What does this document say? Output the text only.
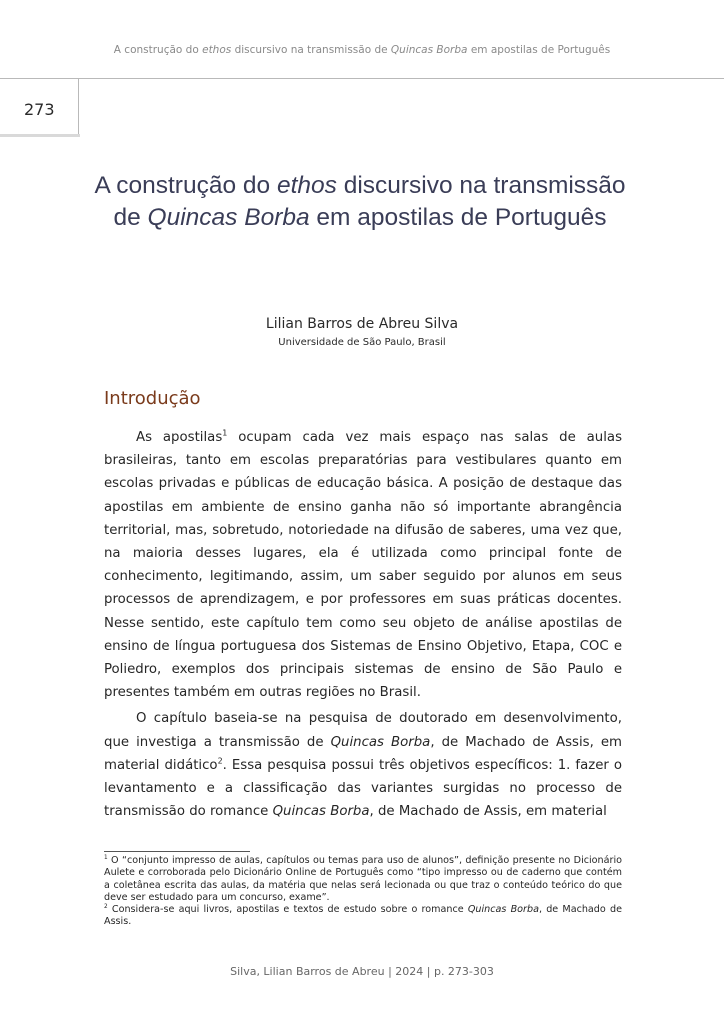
A construção do ethos discursivo na transmissão de Quincas Borba em apostilas de Português
273
A construção do ethos discursivo na transmissão de Quincas Borba em apostilas de Português
Lilian Barros de Abreu Silva
Universidade de São Paulo, Brasil
Introdução

As apostilas$^1$ ocupam cada vez mais espaço nas salas de aulas brasileiras, tanto em escolas preparatórias para vestibulares quanto em escolas privadas e públicas de educação básica. A posição de destaque das apostilas em ambiente de ensino ganha não só importante abrangência territorial, mas, sobretudo, notoriedade na difusão de saberes, uma vez que, na maioria desses lugares, ela é utilizada como principal fonte de conhecimento, legitimando, assim, um saber seguido por alunos em seus processos de aprendizagem, e por professores em suas práticas docentes. Nesse sentido, este capítulo tem como seu objeto de análise apostilas de ensino de língua portuguesa dos Sistemas de Ensino Objetivo, Etapa, COC e Poliedro, exemplos dos principais sistemas de ensino de São Paulo e presentes também em outras regiões no Brasil.

O capítulo baseia-se na pesquisa de doutorado em desenvolvimento, que investiga a transmissão de Quincas Borba, de Machado de Assis, em material didático$^2$. Essa pesquisa possui três objetivos específicos: 1. fazer o levantamento e a classificação das variantes surgidas no processo de transmissão do romance Quincas Borba, de Machado de Assis, em material

$^1$ O “conjunto impresso de aulas, capítulos ou temas para uso de alunos”, definição presente no Dicionário Aulete e corroborada pelo Dicionário Online de Português como “tipo impresso ou de caderno que contém a coletânea escrita das aulas, da matéria que nelas será lecionada ou que traz o conteúdo teórico do que deve ser estudado para um concurso, exame”.

$^2$ Considera-se aqui livros, apostilas e textos de estudo sobre o romance Quincas Borba, de Machado de Assis.

Silva, Lilian Barros de Abreu | 2024 | p. 273-303
